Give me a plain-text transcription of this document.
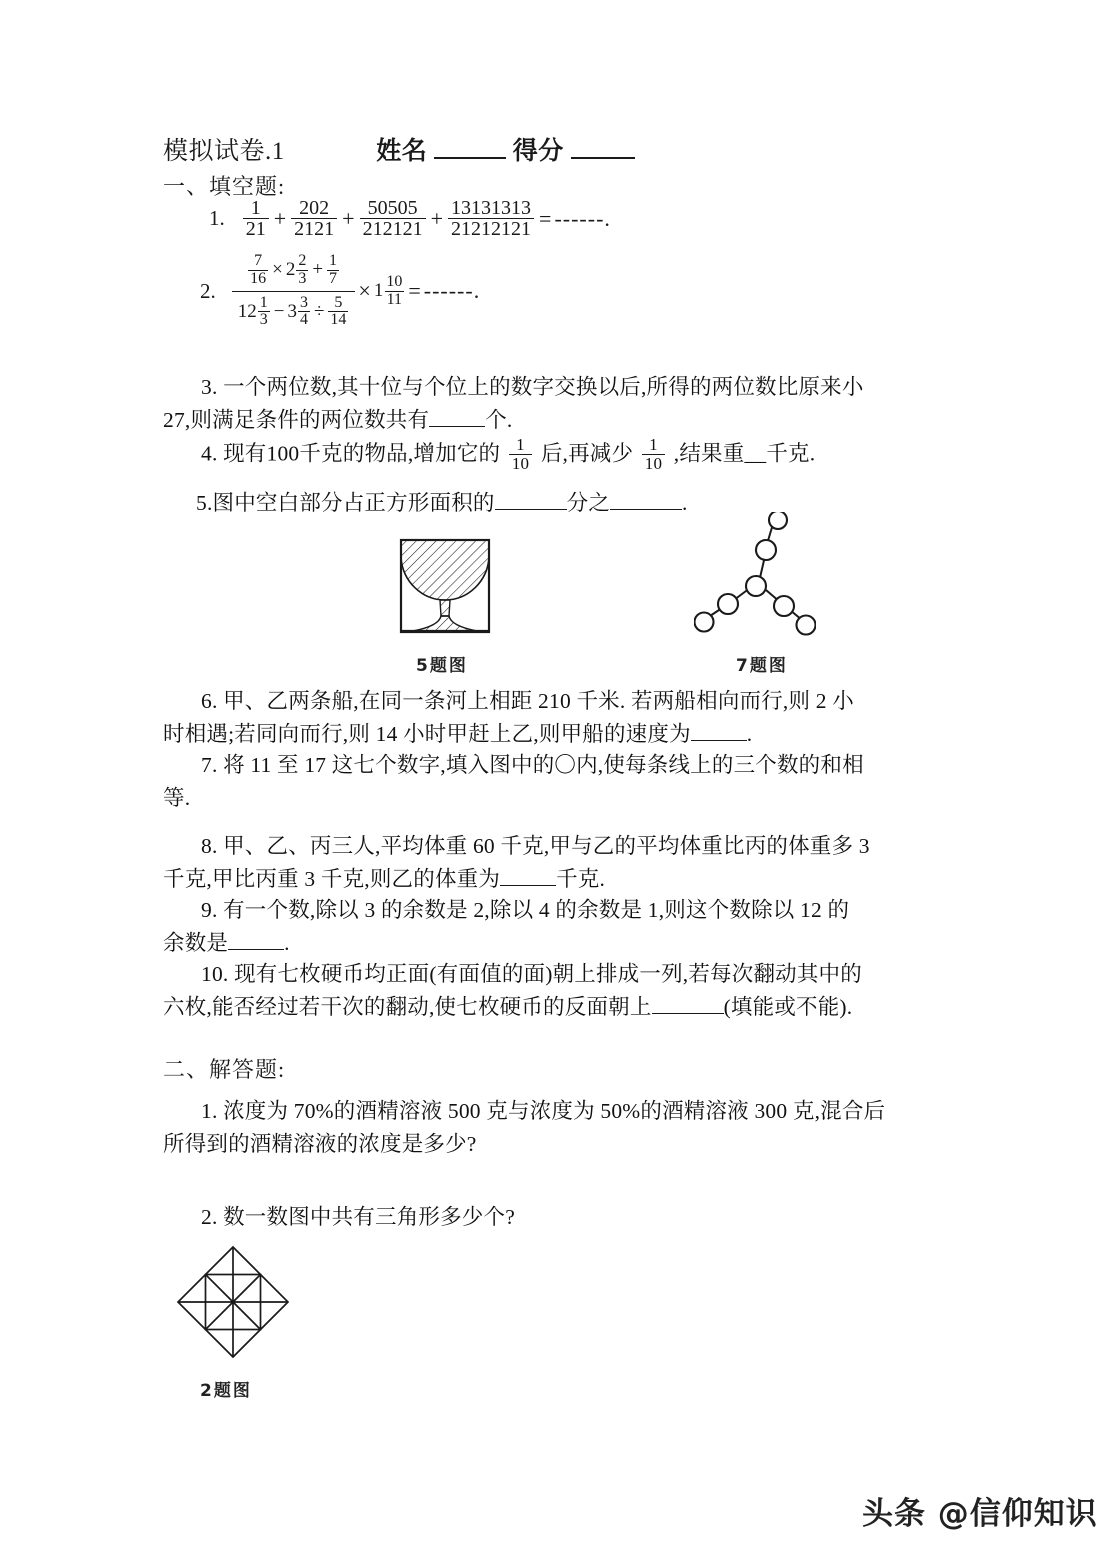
模拟试卷.1	姓名	得分
一、填空题:
1. $\frac{1}{21} + \frac{202}{2121} + \frac{50505}{212121} + \frac{13131313}{21212121}$ = ------ .
2.
$\frac{7}{16} \times 2 \frac{2}{3} + \frac{1}{7}$
$12 \frac{1}{3} - 3 \frac{3}{4} \div \frac{5}{14}$
× $1 \frac{10}{11}$ = ------ .
3. 一个两位数,其十位与个位上的数字交换以后,所得的两位数比原来小
27,则满足条件的两位数共有	个.
4. 现有100千克的物品,增加它的 $\frac{1}{10}$ 后,再减少 $\frac{1}{10}$ ,结果重__千克.
5.图中空白部分占正方形面积的	分之	.
5题图	7题图
6. 甲、乙两条船,在同一条河上相距 210 千米. 若两船相向而行,则 2 小
时相遇;若同向而行,则 14 小时甲赶上乙,则甲船的速度为	.
7. 将 11 至 17 这七个数字,填入图中的〇内,使每条线上的三个数的和相
等.
8. 甲、乙、丙三人,平均体重 60 千克,甲与乙的平均体重比丙的体重多 3
千克,甲比丙重 3 千克,则乙的体重为	千克.
9. 有一个数,除以 3 的余数是 2,除以 4 的余数是 1,则这个数除以 12 的
余数是	.
10. 现有七枚硬币均正面(有面值的面)朝上排成一列,若每次翻动其中的
六枚,能否经过若干次的翻动,使七枚硬币的反面朝上	(填能或不能).
二、解答题:
1. 浓度为 70%的酒精溶液 500 克与浓度为 50%的酒精溶液 300 克,混合后
所得到的酒精溶液的浓度是多少?
2. 数一数图中共有三角形多少个?
2题图
头条 @信仰知识
